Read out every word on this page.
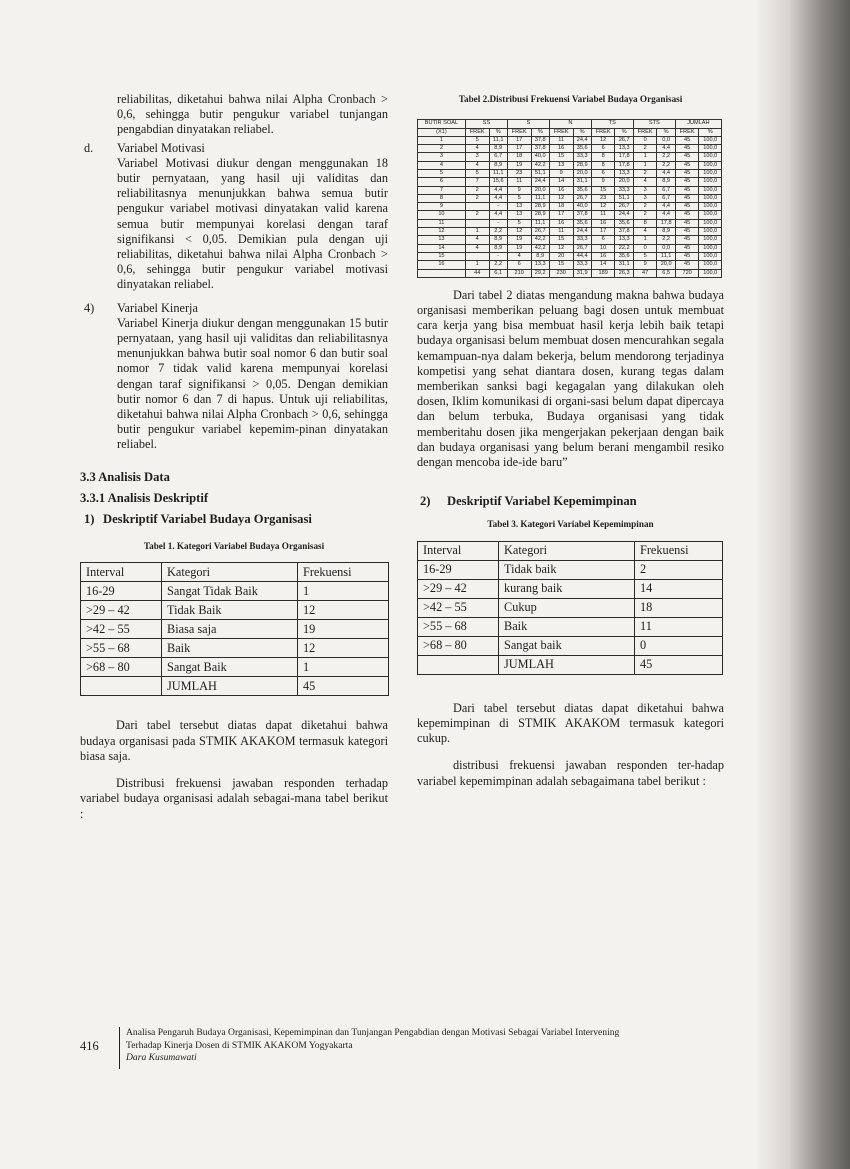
reliabilitas, diketahui bahwa nilai Alpha Cronbach > 0,6, sehingga butir pengukur variabel tunjangan pengabdian dinyatakan reliabel.

d. Variabel Motivasi

Variabel Motivasi diukur dengan menggunakan 18 butir pernyataan, yang hasil uji validitas dan reliabilitasnya menunjukkan bahwa semua butir pengukur variabel motivasi dinyatakan valid karena semua butir mempunyai korelasi dengan taraf signifikansi < 0,05. Demikian pula dengan uji reliabilitas, diketahui bahwa nilai Alpha Cronbach > 0,6, sehingga butir pengukur variabel motivasi dinyatakan reliabel.

4) Variabel Kinerja

Variabel Kinerja diukur dengan menggunakan 15 butir pernyataan, yang hasil uji validitas dan reliabilitasnya menunjukkan bahwa butir soal nomor 6 dan butir soal nomor 7 tidak valid karena mempunyai korelasi dengan taraf signifikansi > 0,05. Dengan demikian butir nomor 6 dan 7 di hapus. Untuk uji reliabilitas, diketahui bahwa nilai Alpha Cronbach > 0,6, sehingga butir pengukur variabel kepemim-pinan dinyatakan reliabel.

3.3 Analisis Data

3.3.1 Analisis Deskriptif

1) Deskriptif Variabel Budaya Organisasi

Tabel 1. Kategori Variabel Budaya Organisasi

Interval	Kategori	Frekuensi
16-29	Sangat Tidak Baik	1
>29 – 42	Tidak Baik	12
>42 – 55	Biasa saja	19
>55 – 68	Baik	12
>68 – 80	Sangat Baik	1
	JUMLAH	45

Dari tabel tersebut diatas dapat diketahui bahwa budaya organisasi pada STMIK AKAKOM termasuk kategori biasa saja.

Distribusi frekuensi jawaban responden terhadap variabel budaya organisasi adalah sebagai-mana tabel berikut :

Tabel 2.Distribusi Frekuensi Variabel Budaya Organisasi

BUTIR SOAL	SS		S		N		TS		STS		JUMLAH	
(X1)	FREK	%	FREK	%	FREK	%	FREK	%	FREK	%	FREK	%
1	5	11,1	17	37,8	11	24,4	12	26,7	0	0,0	45	100,0
2	4	8,9	17	37,8	16	35,6	6	13,3	2	4,4	45	100,0
3	3	6,7	18	40,0	15	33,3	8	17,8	1	2,2	45	100,0
4	4	8,9	19	42,2	13	28,9	8	17,8	1	2,2	45	100,0
5	5	11,1	23	51,1	9	20,0	6	13,3	2	4,4	45	100,0
6	7	15,6	11	24,4	14	31,1	9	20,0	4	8,9	45	100,0
7	2	4,4	9	20,0	16	35,6	15	33,3	3	6,7	45	100,0
8	2	4,4	5	11,1	12	26,7	23	51,1	3	6,7	45	100,0
9		-	13	28,9	18	40,0	12	26,7	2	4,4	45	100,0
10	2	4,4	13	28,9	17	37,8	11	24,4	2	4,4	45	100,0
11		-	5	11,1	16	35,6	16	35,6	8	17,8	45	100,0
12	1	2,2	12	26,7	11	24,4	17	37,8	4	8,9	45	100,0
13	4	8,9	19	42,2	15	33,3	6	13,3	1	2,2	45	100,0
14	4	8,9	19	42,2	12	26,7	10	22,2	0	0,0	45	100,0
15		-	4	8,9	20	44,4	16	35,6	5	11,1	45	100,0
16	1	2,2	6	13,3	15	33,3	14	31,1	9	20,0	45	100,0
	44	6,1	210	29,2	230	31,9	189	26,3	47	6,5	720	100,0

Dari tabel 2 diatas mengandung makna bahwa budaya organisasi memberikan peluang bagi dosen untuk membuat cara kerja yang bisa membuat hasil kerja lebih baik tetapi budaya organisasi belum membuat dosen mencurahkan segala kemampuan-nya dalam bekerja, belum mendorong terjadinya kompetisi yang sehat diantara dosen, kurang tegas dalam memberikan sanksi bagi kegagalan yang dilakukan oleh dosen, Iklim komunikasi di organi-sasi belum dapat dipercaya dan belum terbuka, Budaya organisasi yang tidak memberitahu dosen jika mengerjakan pekerjaan dengan baik dan budaya organisasi yang belum berani mengambil resiko dengan mencoba ide-ide baru”

2) Deskriptif Variabel Kepemimpinan

Tabel 3. Kategori Variabel Kepemimpinan

Interval	Kategori	Frekuensi
16-29	Tidak baik	2
>29 – 42	kurang baik	14
>42 – 55	Cukup	18
>55 – 68	Baik	11
>68 – 80	Sangat baik	0
	JUMLAH	45

Dari tabel tersebut diatas dapat diketahui bahwa kepemimpinan di STMIK AKAKOM termasuk kategori cukup.

distribusi frekuensi jawaban responden ter-hadap variabel kepemimpinan adalah sebagaimana tabel berikut :

416
Analisa Pengaruh Budaya Organisasi, Kepemimpinan dan Tunjangan Pengabdian dengan Motivasi Sebagai Variabel Intervening
Terhadap Kinerja Dosen di STMIK AKAKOM Yogyakarta
Dara Kusumawati
